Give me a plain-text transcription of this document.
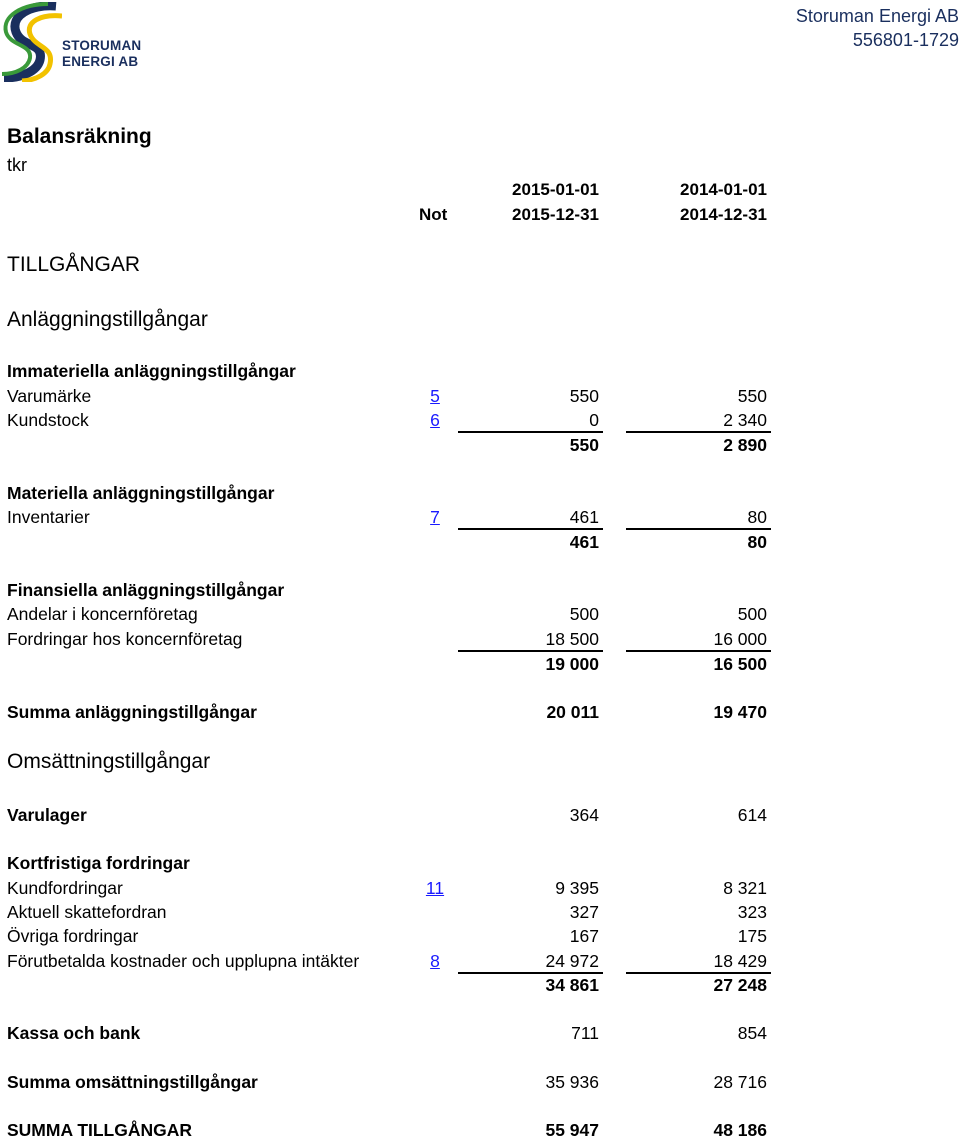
STORUMAN
ENERGI AB
Storuman Energi AB
556801-1729
Balansräkning
tkr
2015-01-01	2014-01-01
Not	2015-12-31	2014-12-31
TILLGÅNGAR
Anläggningstillgångar
Immateriella anläggningstillgångar
Varumärke	5	550	550
Kundstock	6	0	2 340
550	2 890
Materiella anläggningstillgångar
Inventarier	7	461	80
461	80
Finansiella anläggningstillgångar
Andelar i koncernföretag	500	500
Fordringar hos koncernföretag	18 500	16 000
19 000	16 500
Summa anläggningstillgångar	20 011	19 470
Omsättningstillgångar
Varulager	364	614
Kortfristiga fordringar
Kundfordringar	11	9 395	8 321
Aktuell skattefordran	327	323
Övriga fordringar	167	175
Förutbetalda kostnader och upplupna intäkter	8	24 972	18 429
34 861	27 248
Kassa och bank	711	854
Summa omsättningstillgångar	35 936	28 716
SUMMA TILLGÅNGAR	55 947	48 186
